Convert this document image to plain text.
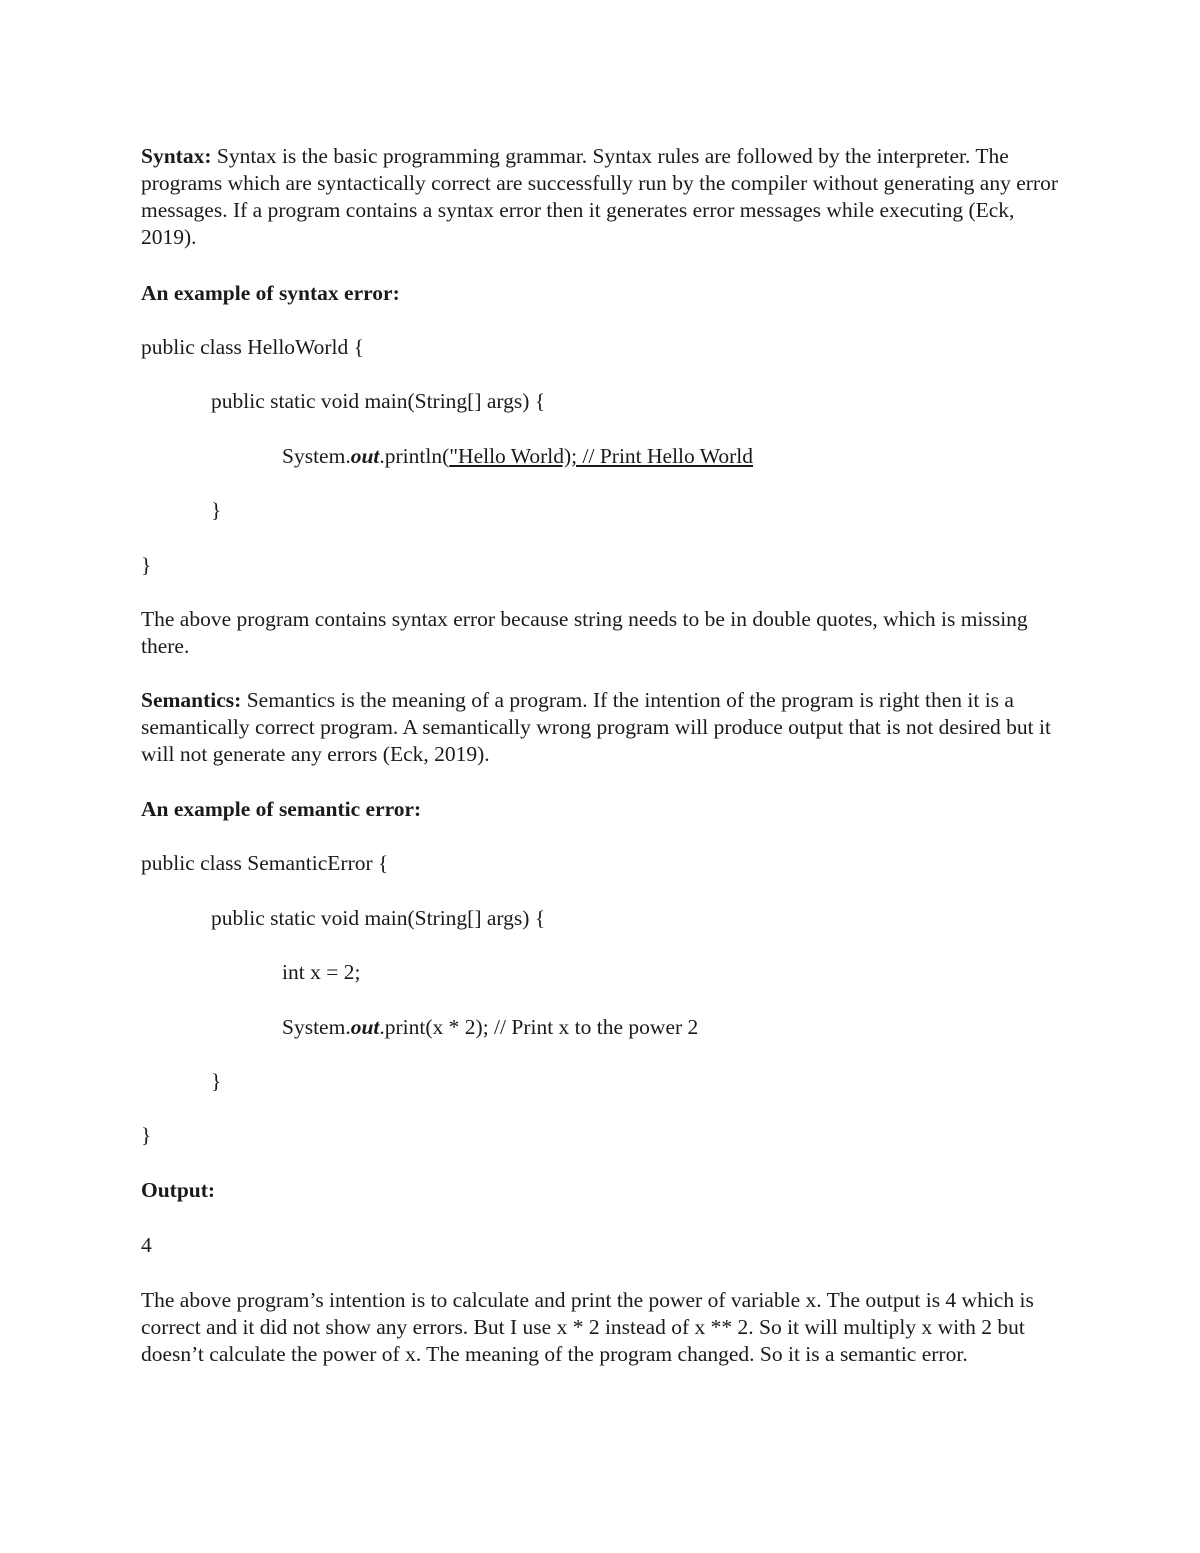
Syntax: Syntax is the basic programming grammar. Syntax rules are followed by the interpreter. The programs which are syntactically correct are successfully run by the compiler without generating any error messages. If a program contains a syntax error then it generates error messages while executing (Eck, 2019).

An example of syntax error:

public class HelloWorld {

public static void main(String[] args) {

System.out.println("Hello World); // Print Hello World

}

}

The above program contains syntax error because string needs to be in double quotes, which is missing there.

Semantics: Semantics is the meaning of a program. If the intention of the program is right then it is a semantically correct program. A semantically wrong program will produce output that is not desired but it will not generate any errors (Eck, 2019).

An example of semantic error:

public class SemanticError {

public static void main(String[] args) {

int x = 2;

System.out.print(x * 2); // Print x to the power 2

}

}

Output:

4

The above program’s intention is to calculate and print the power of variable x. The output is 4 which is correct and it did not show any errors. But I use x * 2 instead of x ** 2. So it will multiply x with 2 but doesn’t calculate the power of x. The meaning of the program changed. So it is a semantic error.
